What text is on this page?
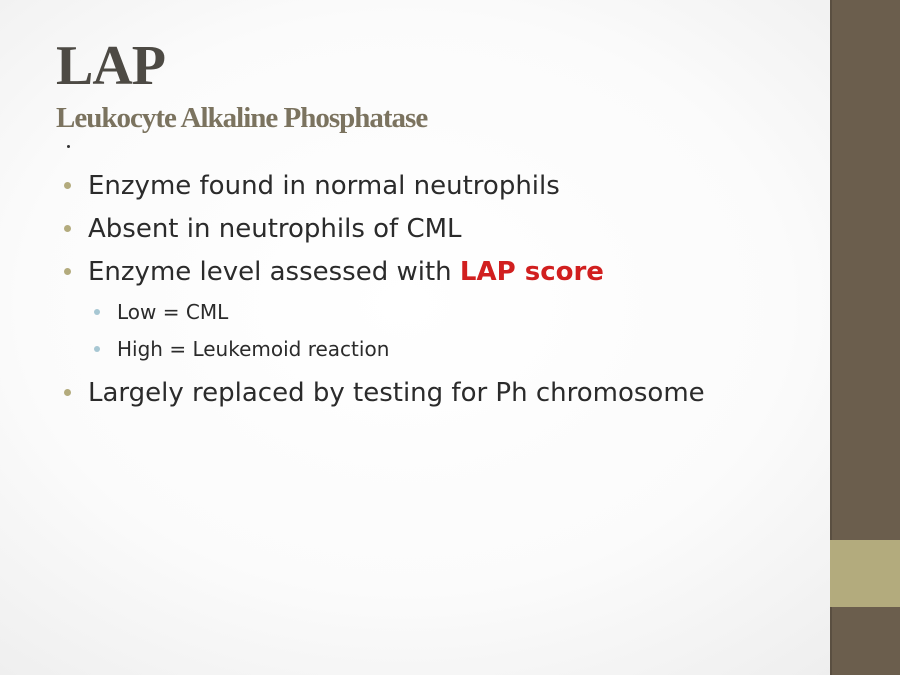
LAP
Leukocyte Alkaline Phosphatase
Enzyme found in normal neutrophils
Absent in neutrophils of CML
Enzyme level assessed with LAP score
Low = CML
High = Leukemoid reaction
Largely replaced by testing for Ph chromosome
